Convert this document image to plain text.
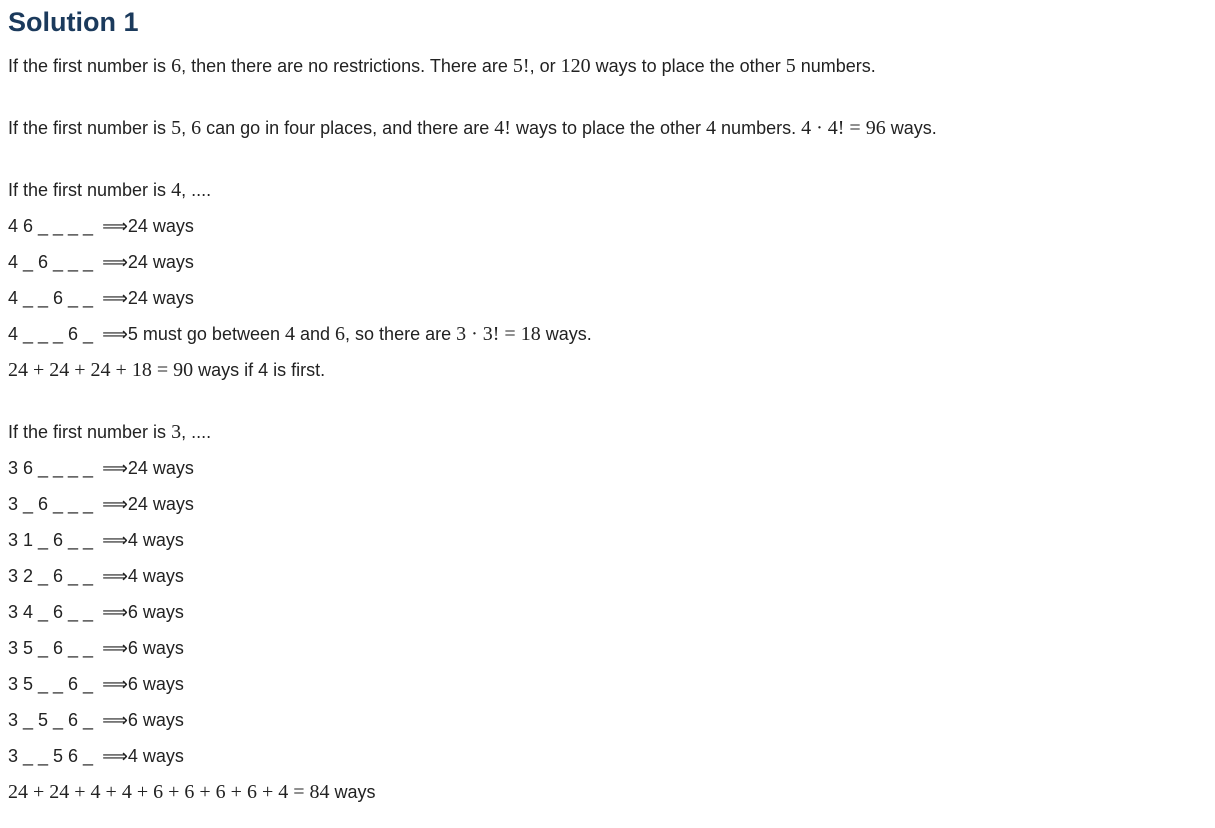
Solution 1
If the first number is 6, then there are no restrictions. There are 5!, or 120 ways to place the other 5 numbers.
If the first number is 5, 6 can go in four places, and there are 4! ways to place the other 4 numbers. 4 · 4! = 96 ways.
If the first number is 4, ....
4 6 _ _ _ _ ⟹24 ways
4 _ 6 _ _ _ ⟹24 ways
4 _ _ 6 _ _ ⟹24 ways
4 _ _ _ 6 _ ⟹5 must go between 4 and 6, so there are 3 · 3! = 18 ways.
24 + 24 + 24 + 18 = 90 ways if 4 is first.
If the first number is 3, ....
3 6 _ _ _ _ ⟹24 ways
3 _ 6 _ _ _ ⟹24 ways
3 1 _ 6 _ _ ⟹4 ways
3 2 _ 6 _ _ ⟹4 ways
3 4 _ 6 _ _ ⟹6 ways
3 5 _ 6 _ _ ⟹6 ways
3 5 _ _ 6 _ ⟹6 ways
3 _ 5 _ 6 _ ⟹6 ways
3 _ _ 5 6 _ ⟹4 ways
24 + 24 + 4 + 4 + 6 + 6 + 6 + 6 + 4 = 84 ways
